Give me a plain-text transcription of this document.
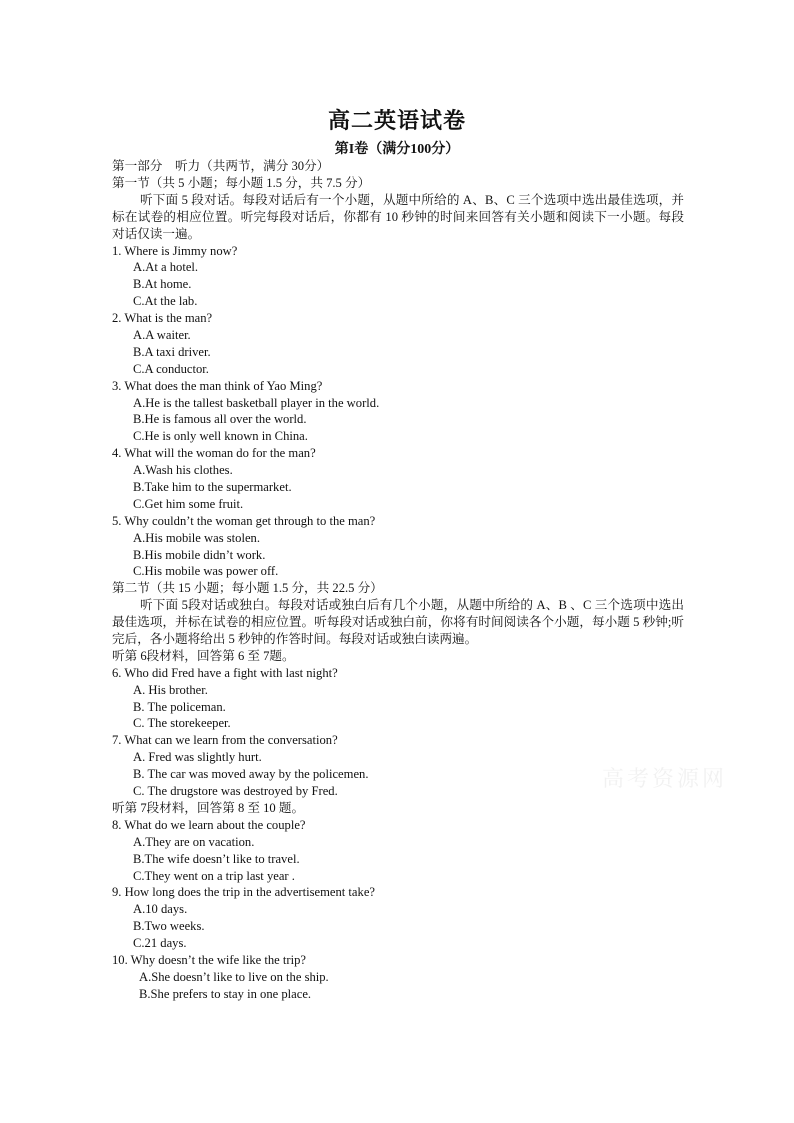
高二英语试卷
第I卷（满分100分）
第一部分　听力（共两节，满分 30分）
第一节（共 5 小题；每小题 1.5 分，共 7.5 分）
听下面 5 段对话。每段对话后有一个小题，从题中所给的 A、B、C 三个选项中选出最佳选项，并标在试卷的相应位置。听完每段对话后，你都有 10 秒钟的时间来回答有关小题和阅读下一小题。每段对话仅读一遍。
1. Where is Jimmy now?
A.At a hotel.
B.At home.
C.At the lab.
2. What is the man?
A.A waiter.
B.A taxi driver.
C.A conductor.
3. What does the man think of Yao Ming?
A.He is the tallest basketball player in the world.
B.He is famous all over the world.
C.He is only well known in China.
4. What will the woman do for the man?
A.Wash his clothes.
B.Take him to the supermarket.
C.Get him some fruit.
5. Why couldn’t the woman get through to the man?
A.His mobile was stolen.
B.His mobile didn’t work.
C.His mobile was power off.
第二节（共 15 小题；每小题 1.5 分，共 22.5 分）
听下面 5段对话或独白。每段对话或独白后有几个小题，从题中所给的 A、B 、C 三个选项中选出最佳选项，并标在试卷的相应位置。听每段对话或独白前，你将有时间阅读各个小题，每小题 5 秒钟;听完后，各小题将给出 5 秒钟的作答时间。每段对话或独白读两遍。
听第 6段材料，回答第 6 至 7题。
6. Who did Fred have a fight with last night?
A. His brother.
B. The policeman.
C. The storekeeper.
7. What can we learn from the conversation?
A. Fred was slightly hurt.
B. The car was moved away by the policemen.
C. The drugstore was destroyed by Fred.
听第 7段材料，回答第 8 至 10 题。
8. What do we learn about the couple?
A.They are on vacation.
B.The wife doesn’t like to travel.
C.They went on a trip last year .
9. How long does the trip in the advertisement take?
A.10 days.
B.Two weeks.
C.21 days.
10. Why doesn’t the wife like the trip?
A.She doesn’t like to live on the ship.
B.She prefers to stay in one place.
高考资源网
